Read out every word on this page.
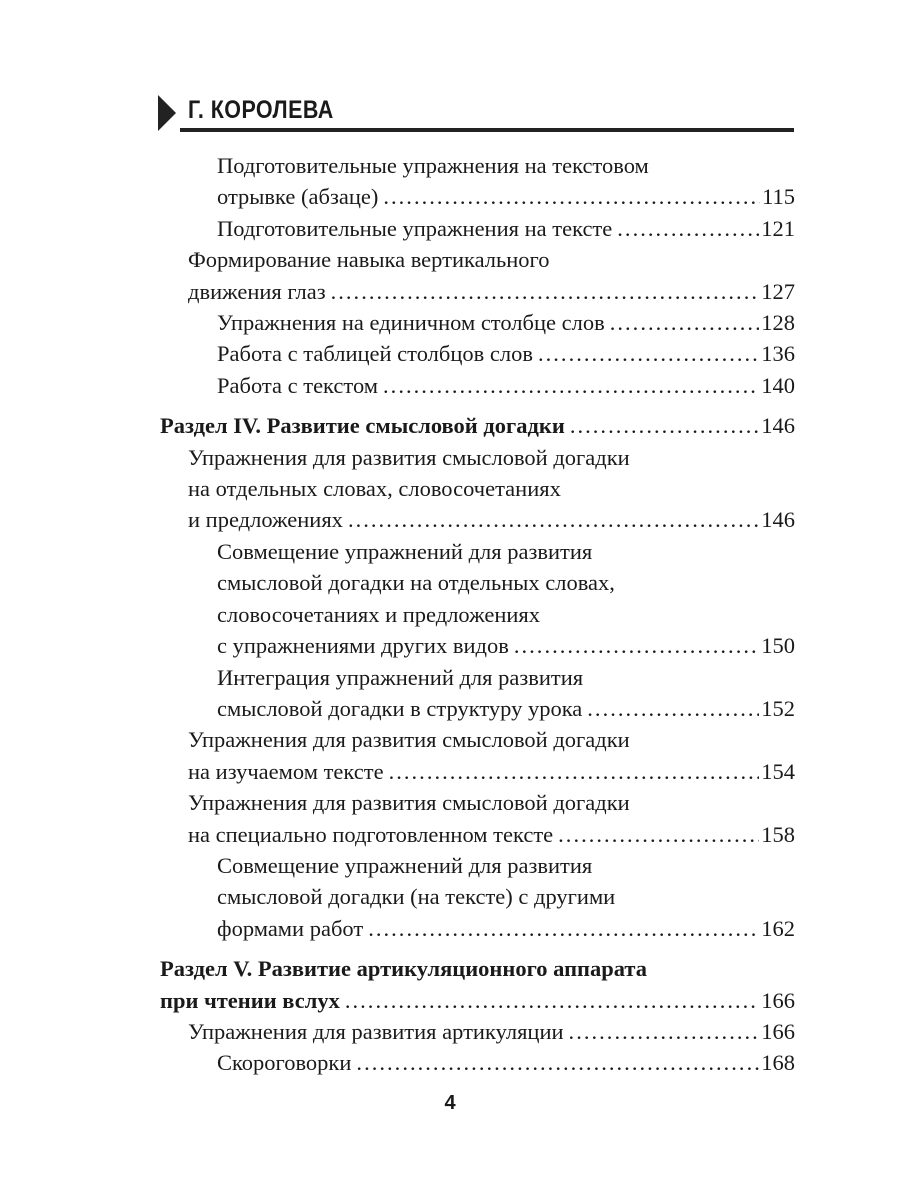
Г. КОРОЛЕВА
Подготовительные упражнения на текстовом
отрывке (абзаце) . . .	115
Подготовительные упражнения на тексте . . .	121
Формирование навыка вертикального
движения глаз . . .	127
Упражнения на единичном столбце слов . . .	128
Работа с таблицей столбцов слов . . .	136
Работа с текстом . . .	140
Раздел IV. Развитие смысловой догадки . . .	146
Упражнения для развития смысловой догадки
на отдельных словах, словосочетаниях
и предложениях . . .	146
Совмещение упражнений для развития
смысловой догадки на отдельных словах,
словосочетаниях и предложениях
с упражнениями других видов . . .	150
Интеграция упражнений для развития
смысловой догадки в структуру урока . . .	152
Упражнения для развития смысловой догадки
на изучаемом тексте . . .	154
Упражнения для развития смысловой догадки
на специально подготовленном тексте . . .	158
Совмещение упражнений для развития
смысловой догадки (на тексте) с другими
формами работ . . .	162
Раздел V. Развитие артикуляционного аппарата
при чтении вслух . . .	166
Упражнения для развития артикуляции . . .	166
Скороговорки . . .	168
4
